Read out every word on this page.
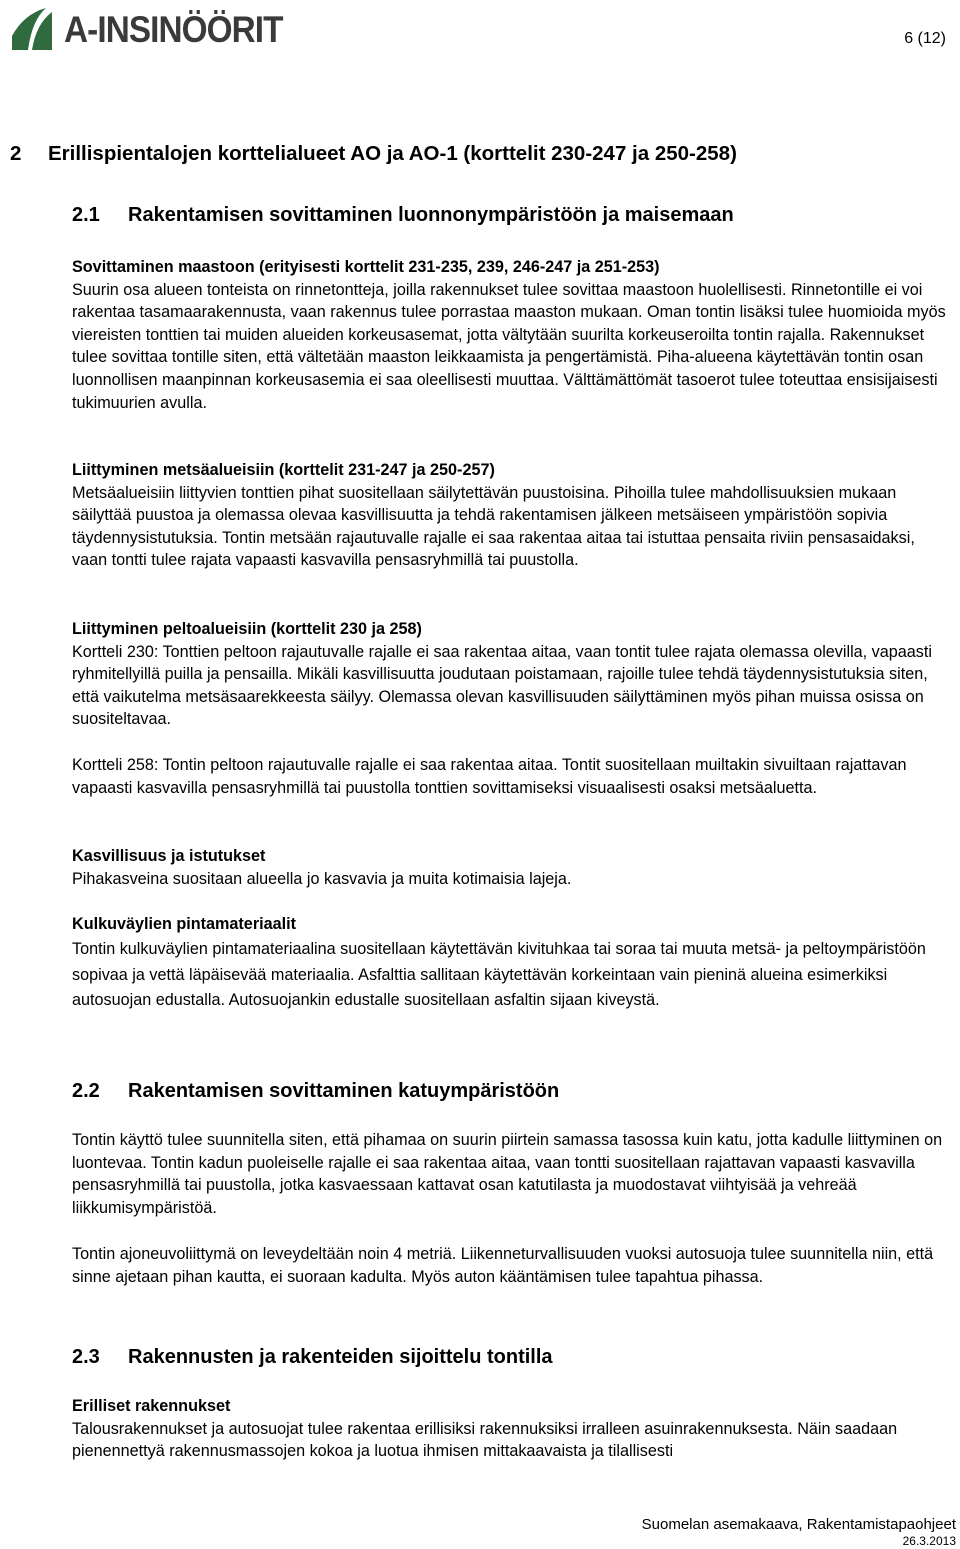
A-INSINÖÖRIT	6 (12)
2 Erillispientalojen korttelialueet AO ja AO-1 (korttelit 230-247 ja 250-258)
2.1 Rakentamisen sovittaminen luonnonympäristöön ja maisemaan

Sovittaminen maastoon (erityisesti korttelit 231-235, 239, 246-247 ja 251-253)

Suurin osa alueen tonteista on rinnetontteja, joilla rakennukset tulee sovittaa maastoon huolellisesti. Rinnetontille ei voi rakentaa tasamaarakennusta, vaan rakennus tulee porrastaa maaston mukaan. Oman tontin lisäksi tulee huomioida myös viereisten tonttien tai muiden alueiden korkeusasemat, jotta vältytään suurilta korkeuseroilta tontin rajalla. Rakennukset tulee sovittaa tontille siten, että vältetään maaston leikkaamista ja pengertämistä. Piha-alueena käytettävän tontin osan luonnollisen maanpinnan korkeusasemia ei saa oleellisesti muuttaa. Välttämättömät tasoerot tulee toteuttaa ensisijaisesti tukimuurien avulla.

Liittyminen metsäalueisiin (korttelit 231-247 ja 250-257)

Metsäalueisiin liittyvien tonttien pihat suositellaan säilytettävän puustoisina. Pihoilla tulee mahdollisuuksien mukaan säilyttää puustoa ja olemassa olevaa kasvillisuutta ja tehdä rakentamisen jälkeen metsäiseen ympäristöön sopivia täydennysistutuksia. Tontin metsään rajautuvalle rajalle ei saa rakentaa aitaa tai istuttaa pensaita riviin pensasaidaksi, vaan tontti tulee rajata vapaasti kasvavilla pensasryhmillä tai puustolla.

Liittyminen peltoalueisiin (korttelit 230 ja 258)

Kortteli 230: Tonttien peltoon rajautuvalle rajalle ei saa rakentaa aitaa, vaan tontit tulee rajata olemassa olevilla, vapaasti ryhmitellyillä puilla ja pensailla. Mikäli kasvillisuutta joudutaan poistamaan, rajoille tulee tehdä täydennysistutuksia siten, että vaikutelma metsäsaarekkeesta säilyy. Olemassa olevan kasvillisuuden säilyttäminen myös pihan muissa osissa on suositeltavaa.

Kortteli 258: Tontin peltoon rajautuvalle rajalle ei saa rakentaa aitaa. Tontit suositellaan muiltakin sivuiltaan rajattavan vapaasti kasvavilla pensasryhmillä tai puustolla tonttien sovittamiseksi visuaalisesti osaksi metsäaluetta.

Kasvillisuus ja istutukset

Pihakasveina suositaan alueella jo kasvavia ja muita kotimaisia lajeja.

Kulkuväylien pintamateriaalit

Tontin kulkuväylien pintamateriaalina suositellaan käytettävän kivituhkaa tai soraa tai muuta metsä- ja peltoympäristöön sopivaa ja vettä läpäisevää materiaalia. Asfalttia sallitaan käytettävän korkeintaan vain pieninä alueina esimerkiksi autosuojan edustalla. Autosuojankin edustalle suositellaan asfaltin sijaan kiveystä.

2.2 Rakentamisen sovittaminen katuympäristöön

Tontin käyttö tulee suunnitella siten, että pihamaa on suurin piirtein samassa tasossa kuin katu, jotta kadulle liittyminen on luontevaa. Tontin kadun puoleiselle rajalle ei saa rakentaa aitaa, vaan tontti suositellaan rajattavan vapaasti kasvavilla pensasryhmillä tai puustolla, jotka kasvaessaan kattavat osan katutilasta ja muodostavat viihtyisää ja vehreää liikkumisympäristöä.

Tontin ajoneuvoliittymä on leveydeltään noin 4 metriä. Liikenneturvallisuuden vuoksi autosuoja tulee suunnitella niin, että sinne ajetaan pihan kautta, ei suoraan kadulta. Myös auton kääntämisen tulee tapahtua pihassa.

2.3 Rakennusten ja rakenteiden sijoittelu tontilla

Erilliset rakennukset

Talousrakennukset ja autosuojat tulee rakentaa erillisiksi rakennuksiksi irralleen asuinrakennuksesta. Näin saadaan pienennettyä rakennusmassojen kokoa ja luotua ihmisen mittakaavaista ja tilallisesti

Suomelan asemakaava, Rakentamistapaohjeet
26.3.2013
